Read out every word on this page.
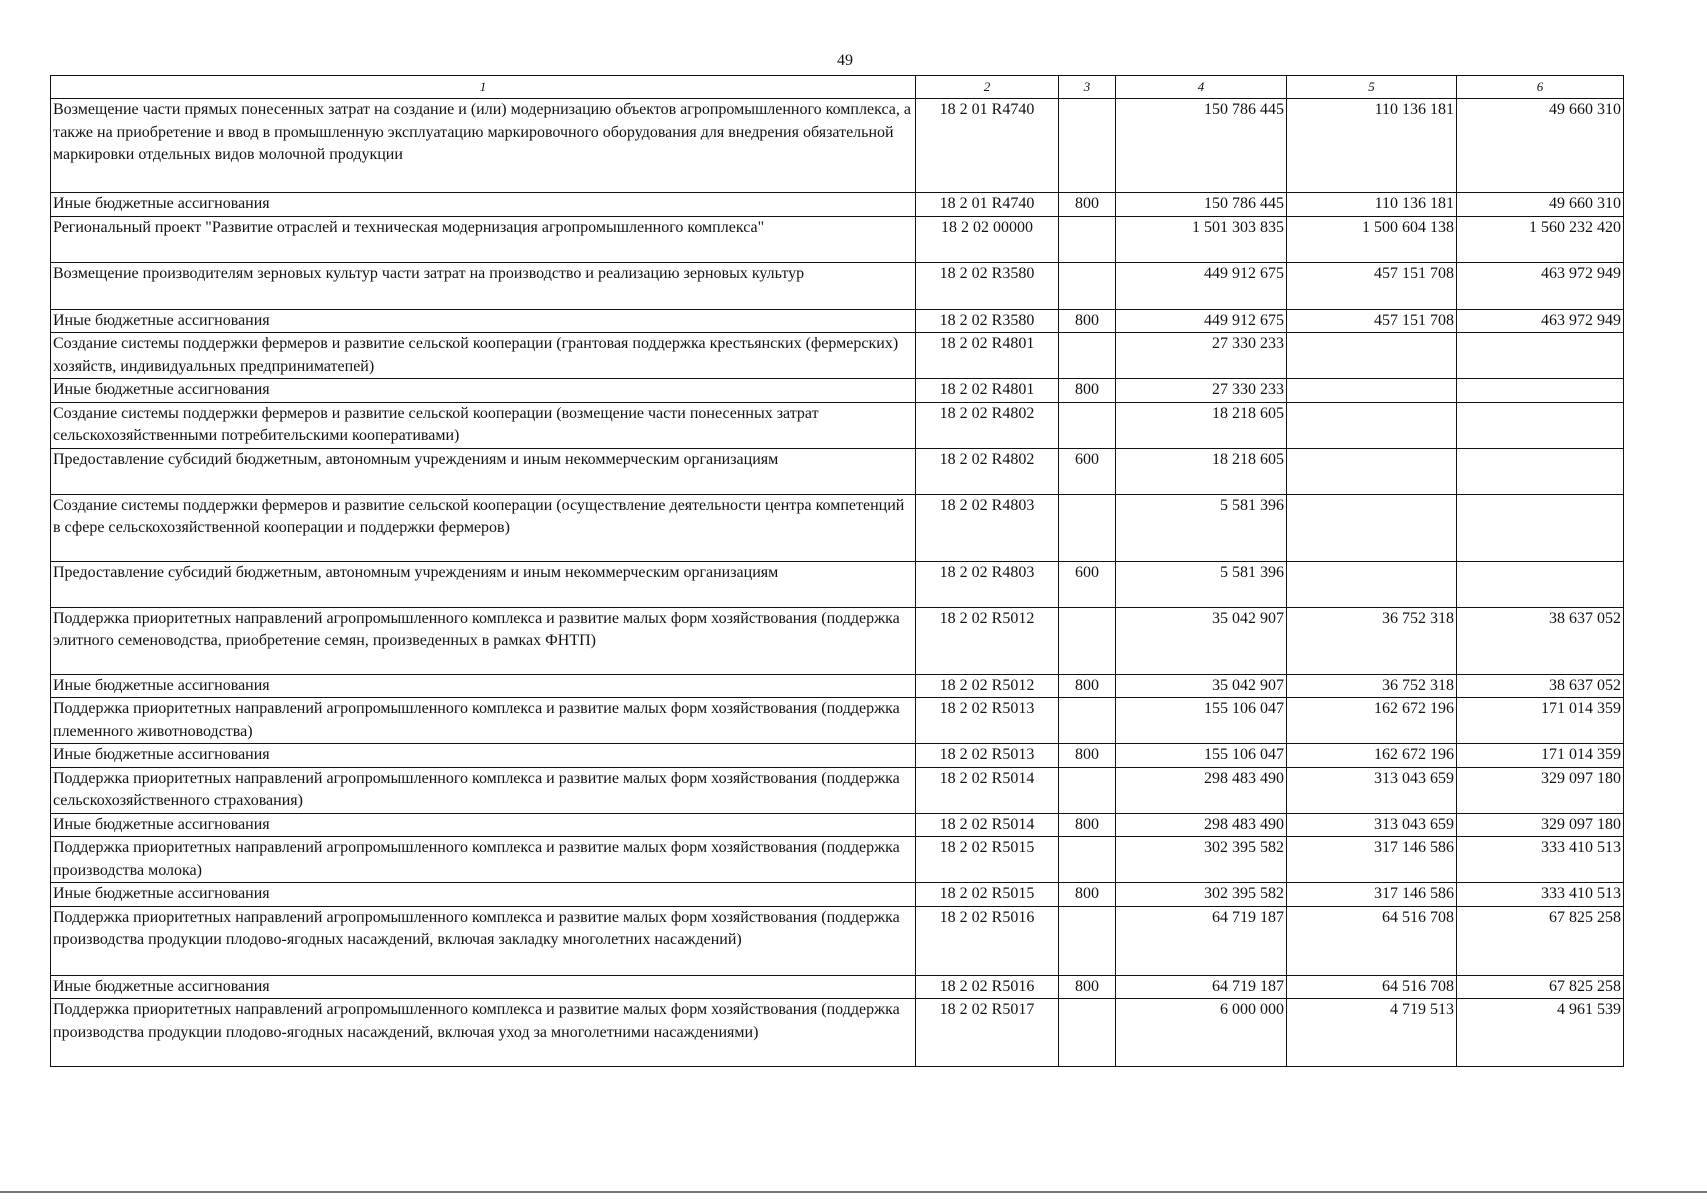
49
1	2	3	4	5	6
Возмещение части прямых понесенных затрат на создание и (или) модернизацию объектов агропромышленного комплекса, а также на приобретение и ввод в промышленную эксплуатацию маркировочного оборудования для внедрения обязательной маркировки отдельных видов молочной продукции	18 2 01 R4740		150 786 445	110 136 181	49 660 310
Иные бюджетные ассигнования	18 2 01 R4740	800	150 786 445	110 136 181	49 660 310
Региональный проект "Развитие отраслей и техническая модернизация агропромышленного комплекса"	18 2 02 00000		1 501 303 835	1 500 604 138	1 560 232 420
Возмещение производителям зерновых культур части затрат на производство и реализацию зерновых культур	18 2 02 R3580		449 912 675	457 151 708	463 972 949
Иные бюджетные ассигнования	18 2 02 R3580	800	449 912 675	457 151 708	463 972 949
Создание системы поддержки фермеров и развитие сельской кооперации (грантовая поддержка крестьянских (фермерских) хозяйств, индивидуальных предприниматепей)	18 2 02 R4801		27 330 233		
Иные бюджетные ассигнования	18 2 02 R4801	800	27 330 233		
Создание системы поддержки фермеров и развитие сельской кооперации (возмещение части понесенных затрат сельскохозяйственными потребительскими кооперативами)	18 2 02 R4802		18 218 605		
Предоставление субсидий бюджетным, автономным учреждениям и иным некоммерческим организациям	18 2 02 R4802	600	18 218 605		
Создание системы поддержки фермеров и развитие сельской кооперации (осуществление деятельности центра компетенций в сфере сельскохозяйственной кооперации и поддержки фермеров)	18 2 02 R4803		5 581 396		
Предоставление субсидий бюджетным, автономным учреждениям и иным некоммерческим организациям	18 2 02 R4803	600	5 581 396		
Поддержка приоритетных направлений агропромышленного комплекса и развитие малых форм хозяйствования (поддержка элитного семеноводства, приобретение семян, произведенных в рамках ФНТП)	18 2 02 R5012		35 042 907	36 752 318	38 637 052
Иные бюджетные ассигнования	18 2 02 R5012	800	35 042 907	36 752 318	38 637 052
Поддержка приоритетных направлений агропромышленного комплекса и развитие малых форм хозяйствования (поддержка племенного животноводства)	18 2 02 R5013		155 106 047	162 672 196	171 014 359
Иные бюджетные ассигнования	18 2 02 R5013	800	155 106 047	162 672 196	171 014 359
Поддержка приоритетных направлений агропромышленного комплекса и развитие малых форм хозяйствования (поддержка сельскохозяйственного страхования)	18 2 02 R5014		298 483 490	313 043 659	329 097 180
Иные бюджетные ассигнования	18 2 02 R5014	800	298 483 490	313 043 659	329 097 180
Поддержка приоритетных направлений агропромышленного комплекса и развитие малых форм хозяйствования (поддержка производства молока)	18 2 02 R5015		302 395 582	317 146 586	333 410 513
Иные бюджетные ассигнования	18 2 02 R5015	800	302 395 582	317 146 586	333 410 513
Поддержка приоритетных направлений агропромышленного комплекса и развитие малых форм хозяйствования (поддержка производства продукции плодово-ягодных насаждений, включая закладку многолетних насаждений)	18 2 02 R5016		64 719 187	64 516 708	67 825 258
Иные бюджетные ассигнования	18 2 02 R5016	800	64 719 187	64 516 708	67 825 258
Поддержка приоритетных направлений агропромышленного комплекса и развитие малых форм хозяйствования (поддержка производства продукции плодово-ягодных насаждений, включая уход за многолетними насаждениями)	18 2 02 R5017		6 000 000	4 719 513	4 961 539
